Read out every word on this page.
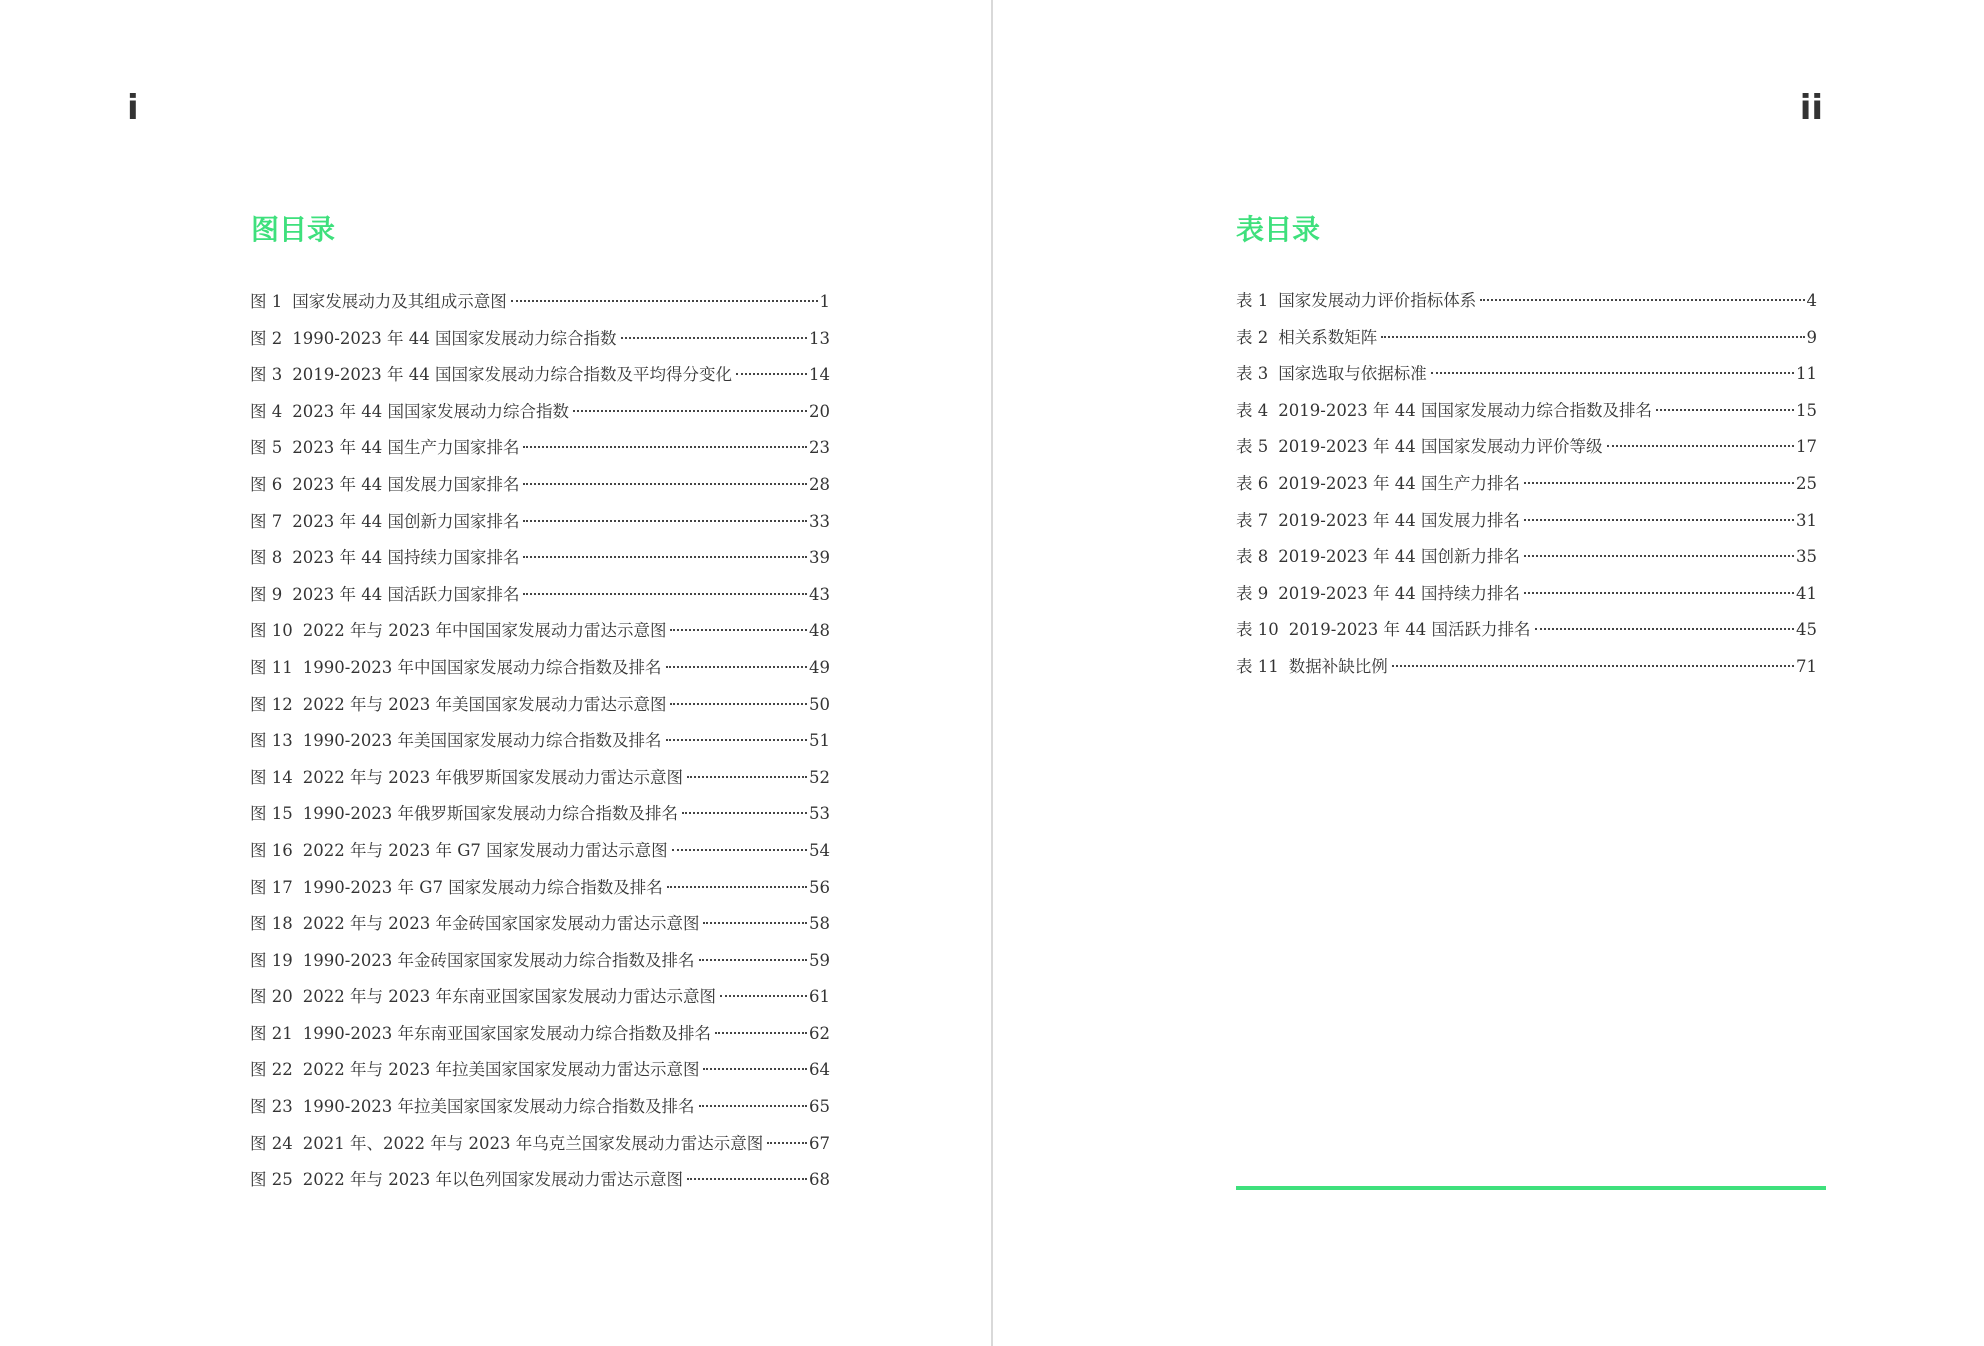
i
图目录
图 1 国家发展动力及其组成示意图	1
图 2 1990-2023 年 44 国国家发展动力综合指数	13
图 3 2019-2023 年 44 国国家发展动力综合指数及平均得分变化	14
图 4 2023 年 44 国国家发展动力综合指数	20
图 5 2023 年 44 国生产力国家排名	23
图 6 2023 年 44 国发展力国家排名	28
图 7 2023 年 44 国创新力国家排名	33
图 8 2023 年 44 国持续力国家排名	39
图 9 2023 年 44 国活跃力国家排名	43
图 10 2022 年与 2023 年中国国家发展动力雷达示意图	48
图 11 1990-2023 年中国国家发展动力综合指数及排名	49
图 12 2022 年与 2023 年美国国家发展动力雷达示意图	50
图 13 1990-2023 年美国国家发展动力综合指数及排名	51
图 14 2022 年与 2023 年俄罗斯国家发展动力雷达示意图	52
图 15 1990-2023 年俄罗斯国家发展动力综合指数及排名	53
图 16 2022 年与 2023 年 G7 国家发展动力雷达示意图	54
图 17 1990-2023 年 G7 国家发展动力综合指数及排名	56
图 18 2022 年与 2023 年金砖国家国家发展动力雷达示意图	58
图 19 1990-2023 年金砖国家国家发展动力综合指数及排名	59
图 20 2022 年与 2023 年东南亚国家国家发展动力雷达示意图	61
图 21 1990-2023 年东南亚国家国家发展动力综合指数及排名	62
图 22 2022 年与 2023 年拉美国家国家发展动力雷达示意图	64
图 23 1990-2023 年拉美国家国家发展动力综合指数及排名	65
图 24 2021 年、2022 年与 2023 年乌克兰国家发展动力雷达示意图	67
图 25 2022 年与 2023 年以色列国家发展动力雷达示意图	68
ii
表目录
表 1 国家发展动力评价指标体系	4
表 2 相关系数矩阵	9
表 3 国家选取与依据标准	11
表 4 2019-2023 年 44 国国家发展动力综合指数及排名	15
表 5 2019-2023 年 44 国国家发展动力评价等级	17
表 6 2019-2023 年 44 国生产力排名	25
表 7 2019-2023 年 44 国发展力排名	31
表 8 2019-2023 年 44 国创新力排名	35
表 9 2019-2023 年 44 国持续力排名	41
表 10 2019-2023 年 44 国活跃力排名	45
表 11 数据补缺比例	71
